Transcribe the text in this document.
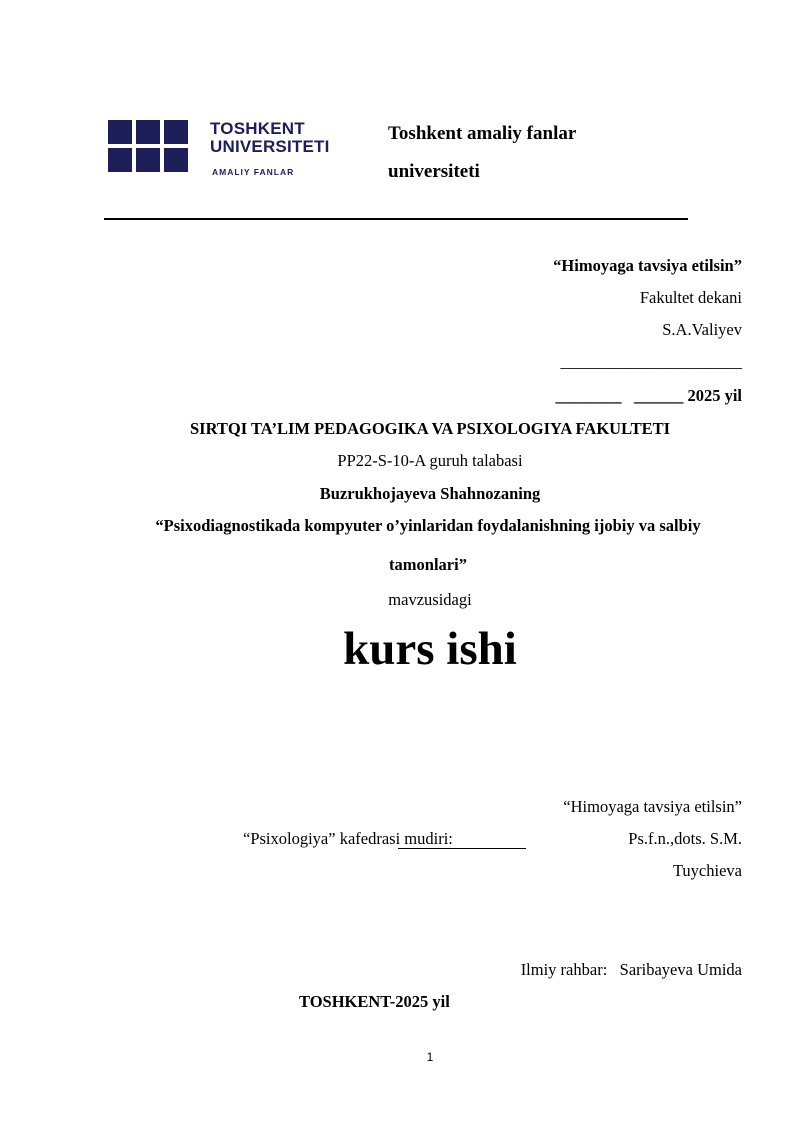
TOSHKENT
UNIVERSITETI
AMALIY FANLAR
Toshkent amaliy fanlar
universiteti
“Himoyaga tavsiya etilsin”
Fakultet dekani
S.A.Valiyev
______________________
________   ______ 2025 yil
SIRTQI TA’LIM PEDAGOGIKA VA PSIXOLOGIYA FAKULTETI
PP22-S-10-A guruh talabasi
Buzrukhojayeva Shahnozaning
“Psixodiagnostikada kompyuter o’yinlaridan foydalanishning ijobiy va salbiy
tamonlari”
mavzusidagi
kurs ishi
“Himoyaga tavsiya etilsin”
“Psixologiya” kafedrasi mudiri:	Ps.f.n.,dots. S.M.
Tuychieva
Ilmiy rahbar: Saribayeva Umida
TOSHKENT-2025 yil
1
